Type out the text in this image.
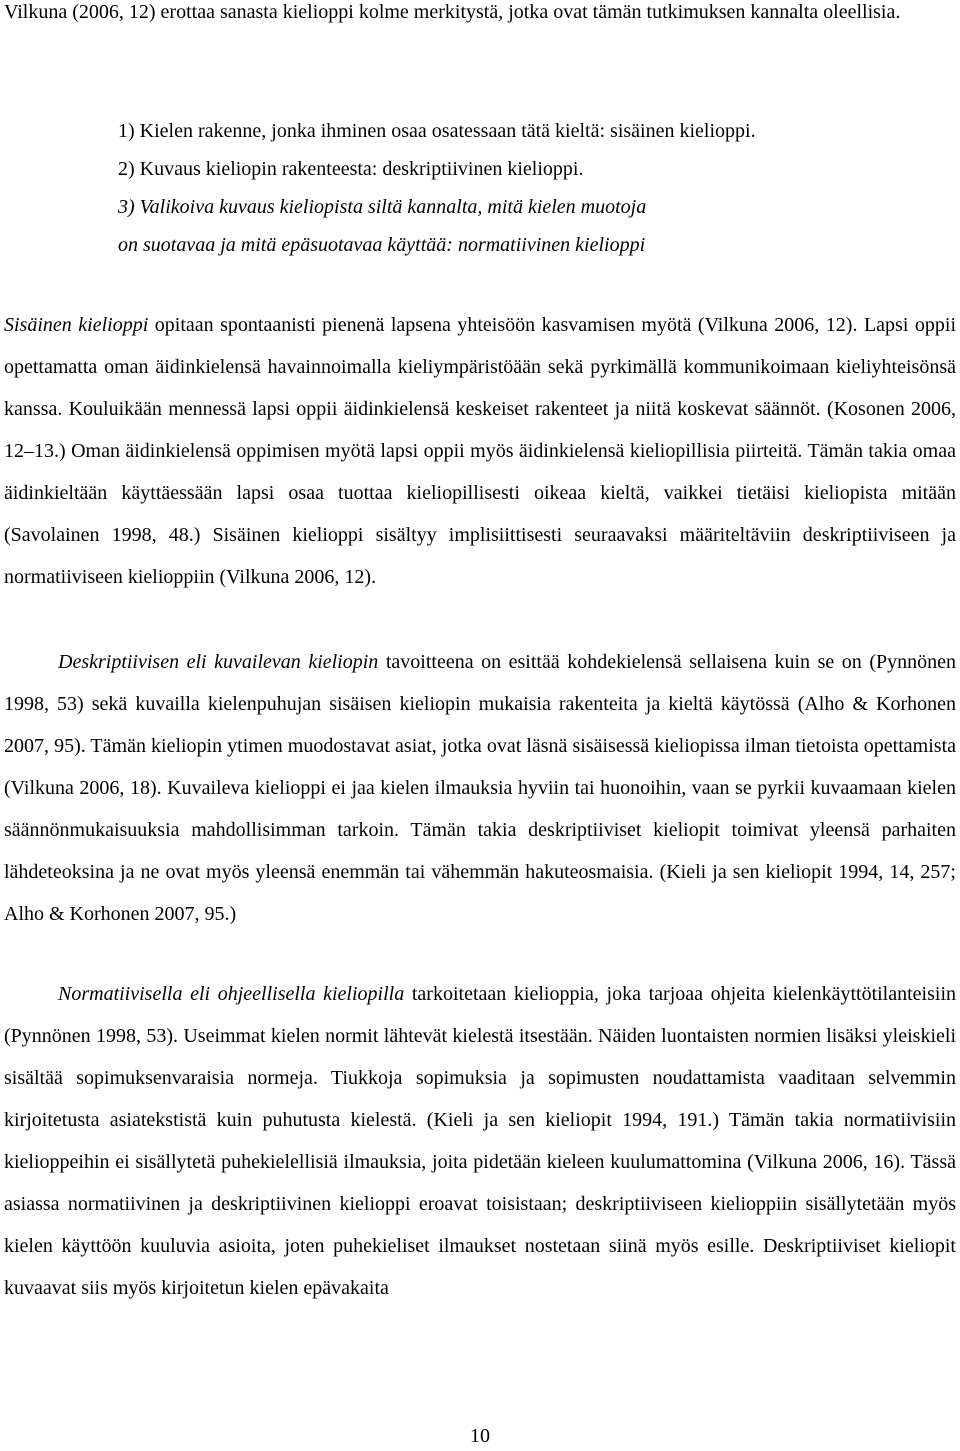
Vilkuna (2006, 12) erottaa sanasta kielioppi kolme merkitystä, jotka ovat tämän tutkimuksen kannalta oleellisia.

1) Kielen rakenne, jonka ihminen osaa osatessaan tätä kieltä: sisäinen kielioppi.
2) Kuvaus kieliopin rakenteesta: deskriptiivinen kielioppi.
3) Valikoiva kuvaus kieliopista siltä kannalta, mitä kielen muotoja
on suotavaa ja mitä epäsuotavaa käyttää: normatiivinen kielioppi

Sisäinen kielioppi opitaan spontaanisti pienenä lapsena yhteisöön kasvamisen myötä (Vilkuna 2006, 12). Lapsi oppii opettamatta oman äidinkielensä havainnoimalla kieliympäristöään sekä pyrkimällä kommunikoimaan kieliyhteisönsä kanssa. Kouluikään mennessä lapsi oppii äidinkielensä keskeiset rakenteet ja niitä koskevat säännöt. (Kosonen 2006, 12–13.) Oman äidinkielensä oppimisen myötä lapsi oppii myös äidinkielensä kieliopillisia piirteitä. Tämän takia omaa äidinkieltään käyttäessään lapsi osaa tuottaa kieliopillisesti oikeaa kieltä, vaikkei tietäisi kieliopista mitään (Savolainen 1998, 48.) Sisäinen kielioppi sisältyy implisiittisesti seuraavaksi määriteltäviin deskriptiiviseen ja normatiiviseen kielioppiin (Vilkuna 2006, 12).

Deskriptiivisen eli kuvailevan kieliopin tavoitteena on esittää kohdekielensä sellaisena kuin se on (Pynnönen 1998, 53) sekä kuvailla kielenpuhujan sisäisen kieliopin mukaisia rakenteita ja kieltä käytössä (Alho & Korhonen 2007, 95). Tämän kieliopin ytimen muodostavat asiat, jotka ovat läsnä sisäisessä kieliopissa ilman tietoista opettamista (Vilkuna 2006, 18). Kuvaileva kielioppi ei jaa kielen ilmauksia hyviin tai huonoihin, vaan se pyrkii kuvaamaan kielen säännönmukaisuuksia mahdollisimman tarkoin. Tämän takia deskriptiiviset kieliopit toimivat yleensä parhaiten lähdeteoksina ja ne ovat myös yleensä enemmän tai vähemmän hakuteosmaisia. (Kieli ja sen kieliopit 1994, 14, 257; Alho & Korhonen 2007, 95.)

Normatiivisella eli ohjeellisella kieliopilla tarkoitetaan kielioppia, joka tarjoaa ohjeita kielenkäyttötilanteisiin (Pynnönen 1998, 53). Useimmat kielen normit lähtevät kielestä itsestään. Näiden luontaisten normien lisäksi yleiskieli sisältää sopimuksenvaraisia normeja. Tiukkoja sopimuksia ja sopimusten noudattamista vaaditaan selvemmin kirjoitetusta asiatekstistä kuin puhutusta kielestä. (Kieli ja sen kieliopit 1994, 191.) Tämän takia normatiivisiin kielioppeihin ei sisällytetä puhekielellisiä ilmauksia, joita pidetään kieleen kuulumattomina (Vilkuna 2006, 16). Tässä asiassa normatiivinen ja deskriptiivinen kielioppi eroavat toisistaan; deskriptiiviseen kielioppiin sisällytetään myös kielen käyttöön kuuluvia asioita, joten puhekieliset ilmaukset nostetaan siinä myös esille. Deskriptiiviset kieliopit kuvaavat siis myös kirjoitetun kielen epävakaita

10
